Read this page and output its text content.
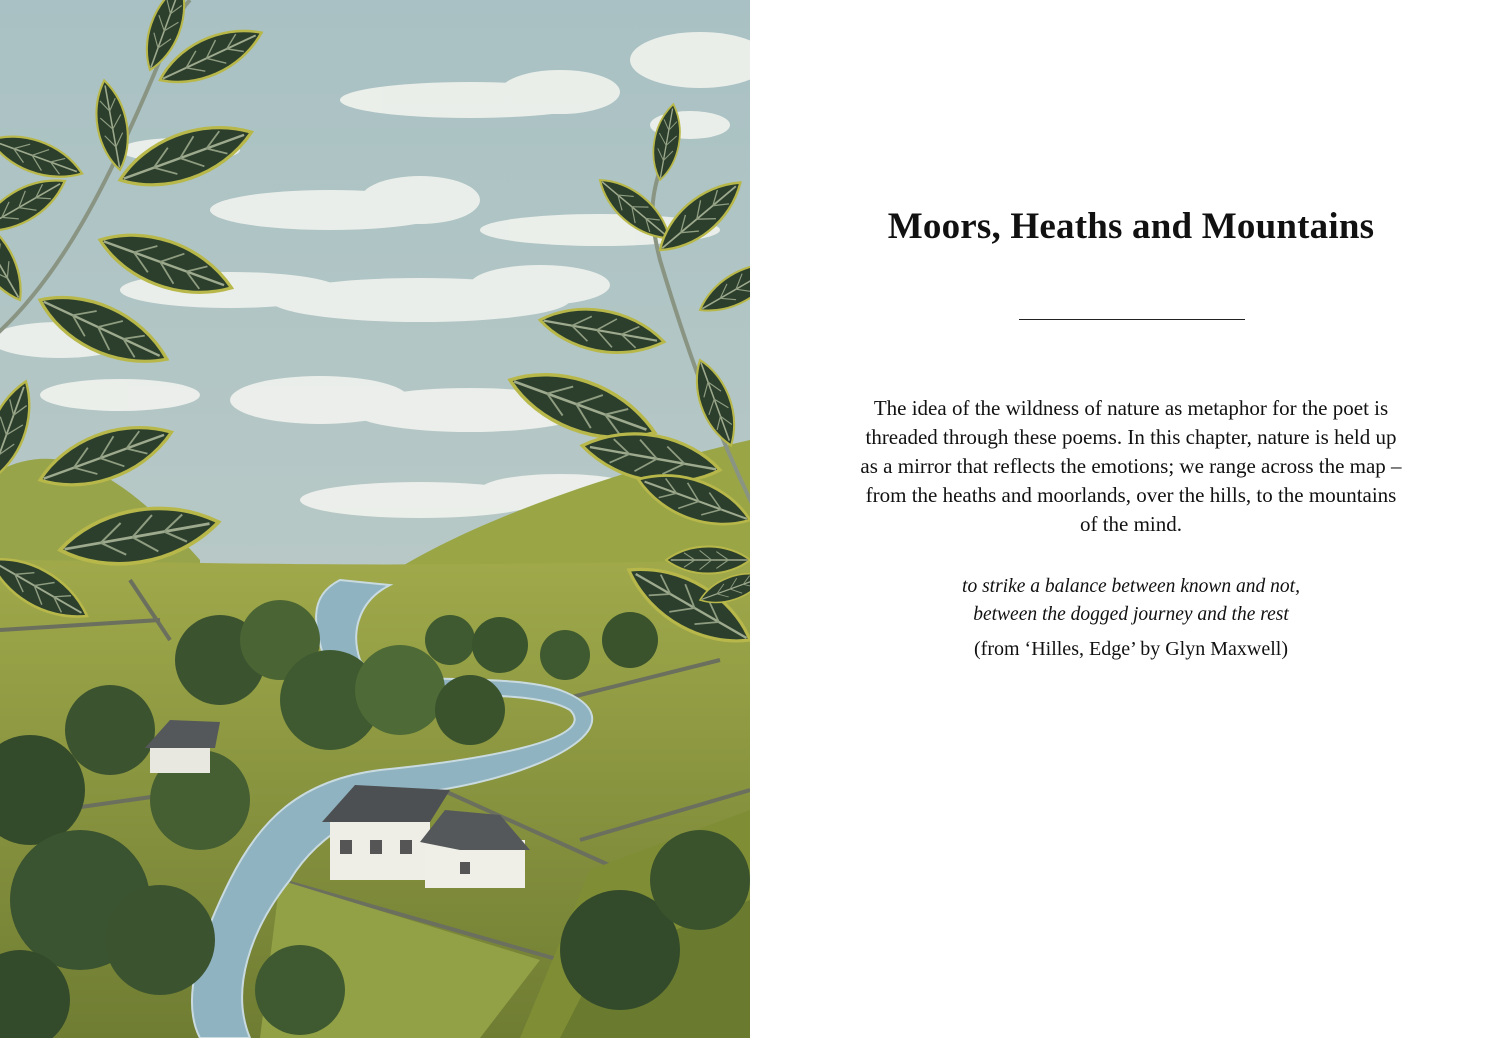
Moors, Heaths and Mountains

The idea of the wildness of nature as metaphor for the poet is threaded through these poems. In this chapter, nature is held up as a mirror that reflects the emotions; we range across the map – from the heaths and moorlands, over the hills, to the mountains of the mind.

to strike a balance between known and not,
between the dogged journey and the rest

(from ‘Hilles, Edge’ by Glyn Maxwell)
